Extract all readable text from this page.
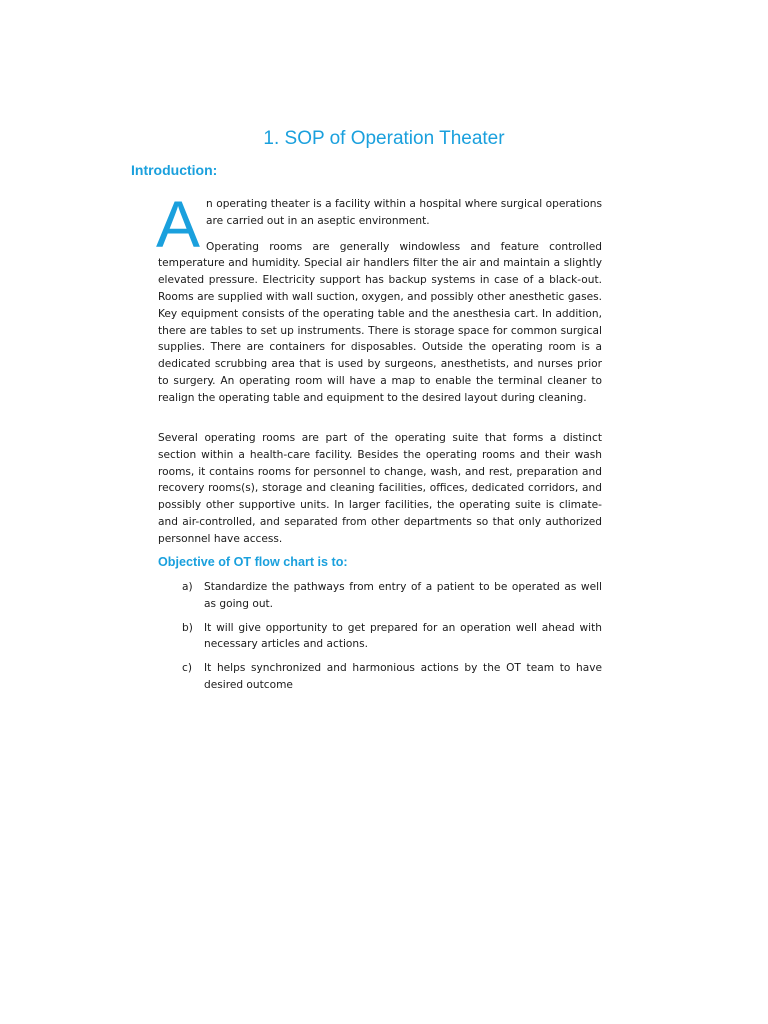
1. SOP of Operation Theater
Introduction:
A n operating theater is a facility within a hospital where surgical operations are carried out in an aseptic environment.

Operating rooms are generally windowless and feature controlled temperature and humidity. Special air handlers filter the air and maintain a slightly elevated pressure. Electricity support has backup systems in case of a black-out. Rooms are supplied with wall suction, oxygen, and possibly other anesthetic gases. Key equipment consists of the operating table and the anesthesia cart. In addition, there are tables to set up instruments. There is storage space for common surgical supplies. There are containers for disposables. Outside the operating room is a dedicated scrubbing area that is used by surgeons, anesthetists, and nurses prior to surgery. An operating room will have a map to enable the terminal cleaner to realign the operating table and equipment to the desired layout during cleaning.

Several operating rooms are part of the operating suite that forms a distinct section within a health-care facility. Besides the operating rooms and their wash rooms, it contains rooms for personnel to change, wash, and rest, preparation and recovery rooms(s), storage and cleaning facilities, offices, dedicated corridors, and possibly other supportive units. In larger facilities, the operating suite is climate- and air-controlled, and separated from other departments so that only authorized personnel have access.

Objective of OT flow chart is to:
a)	Standardize the pathways from entry of a patient to be operated as well as going out.
b)	It will give opportunity to get prepared for an operation well ahead with necessary articles and actions.
c)	It helps synchronized and harmonious actions by the OT team to have desired outcome
